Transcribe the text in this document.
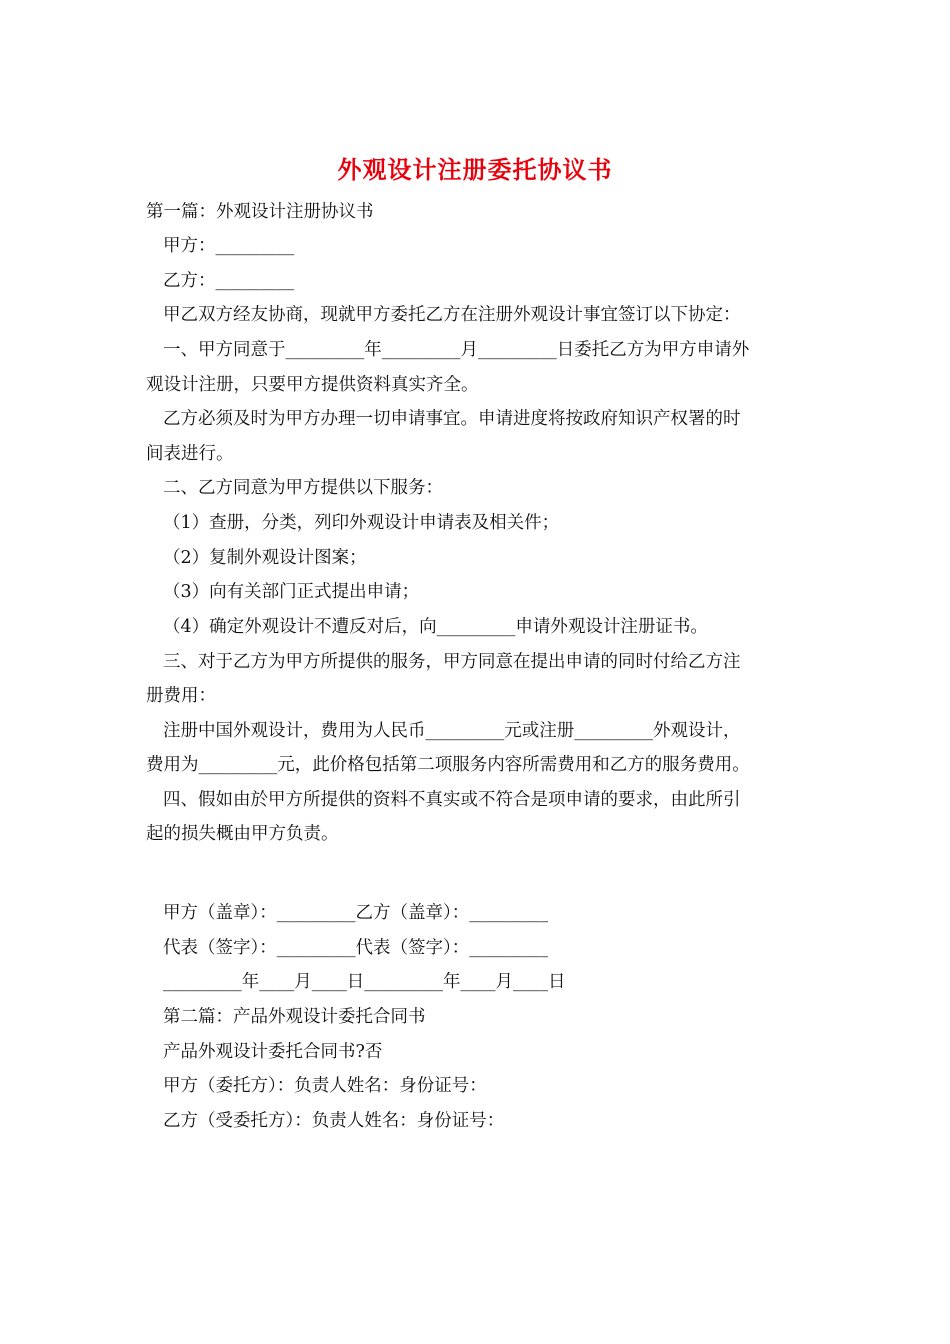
外观设计注册委托协议书

第一篇：外观设计注册协议书

甲方：_________

乙方：_________

甲乙双方经友协商，现就甲方委托乙方在注册外观设计事宜签订以下协定：

一、甲方同意于_________年_________月_________日委托乙方为甲方申请外

观设计注册，只要甲方提供资料真实齐全。

乙方必须及时为甲方办理一切申请事宜。申请进度将按政府知识产权署的时

间表进行。

二、乙方同意为甲方提供以下服务：

（1）查册，分类，列印外观设计申请表及相关件；

（2）复制外观设计图案；

（3）向有关部门正式提出申请；

（4）确定外观设计不遭反对后，向_________申请外观设计注册证书。

三、对于乙方为甲方所提供的服务，甲方同意在提出申请的同时付给乙方注

册费用：

注册中国外观设计，费用为人民币_________元或注册_________外观设计，

费用为_________元，此价格包括第二项服务内容所需费用和乙方的服务费用。

四、假如由於甲方所提供的资料不真实或不符合是项申请的要求，由此所引

起的损失概由甲方负责。

甲方（盖章）：_________乙方（盖章）：_________

代表（签字）：_________代表（签字）：_________

_________年____月____日_________年____月____日

第二篇：产品外观设计委托合同书

产品外观设计委托合同书?否

甲方（委托方）：负责人姓名：身份证号：

乙方（受委托方）：负责人姓名：身份证号：
